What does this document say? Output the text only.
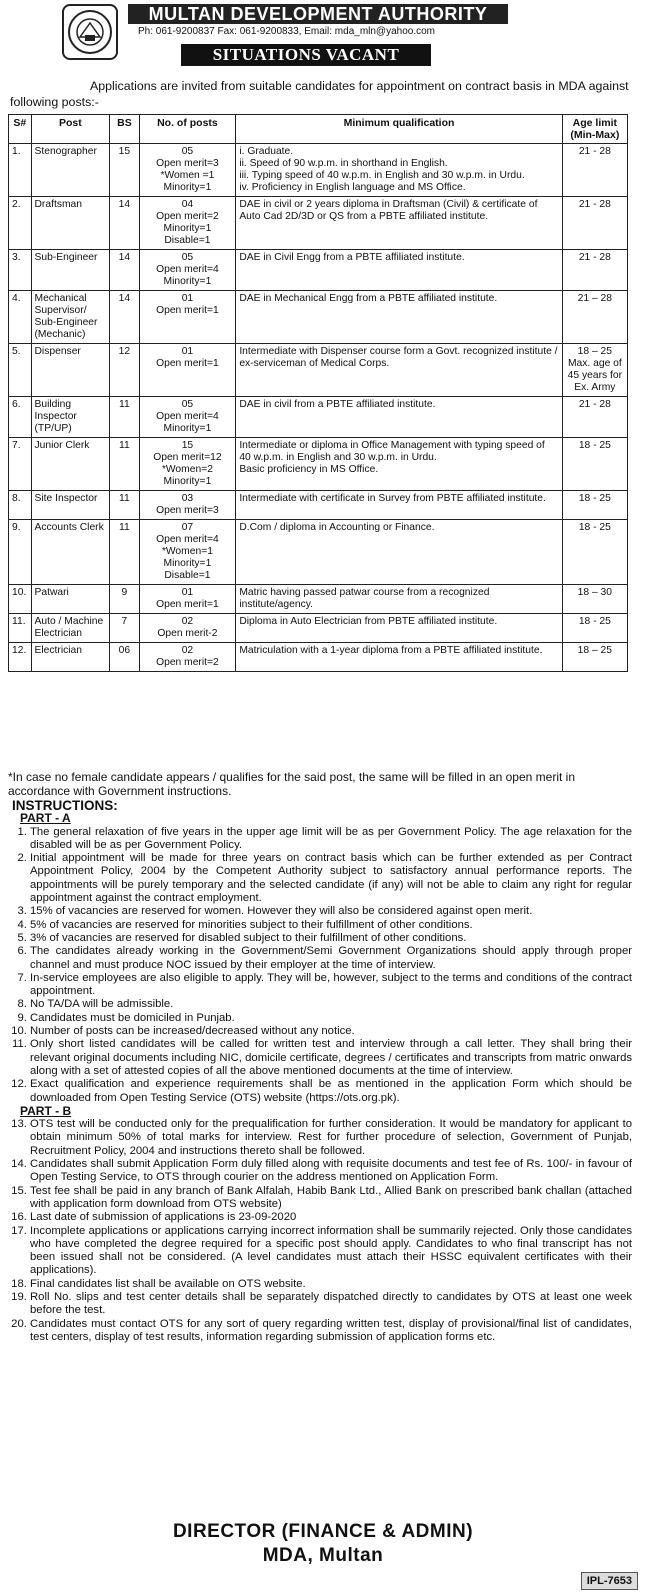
MULTAN DEVELOPMENT AUTHORITY
Ph: 061-9200837 Fax: 061-9200833, Email: mda_mln@yahoo.com
SITUATIONS VACANT
Applications are invited from suitable candidates for appointment on contract basis in MDA against following posts:-
S#	Post	BS	No. of posts	Minimum qualification	Age limit (Min-Max)
1.	Stenographer	15	05
Open merit=3
*Women =1
Minority=1	i. Graduate.
ii. Speed of 90 w.p.m. in shorthand in English.
iii. Typing speed of 40 w.p.m. in English and 30 w.p.m. in Urdu.
iv. Proficiency in English language and MS Office.	21 - 28
2.	Draftsman	14	04
Open merit=2
Minority=1
Disable=1	DAE in civil or 2 years diploma in Draftsman (Civil) & certificate of Auto Cad 2D/3D or QS from a PBTE affiliated institute.	21 - 28
3.	Sub-Engineer	14	05
Open merit=4
Minority=1	DAE in Civil Engg from a PBTE affiliated institute.	21 - 28
4.	Mechanical Supervisor/ Sub-Engineer (Mechanic)	14	01
Open merit=1	DAE in Mechanical Engg from a PBTE affiliated institute.	21 – 28
5.	Dispenser	12	01
Open merit=1	Intermediate with Dispenser course form a Govt. recognized institute / ex-serviceman of Medical Corps.	18 – 25 Max. age of 45 years for Ex. Army
6.	Building Inspector (TP/UP)	11	05
Open merit=4
Minority=1	DAE in civil from a PBTE affiliated institute.	21 - 28
7.	Junior Clerk	11	15
Open merit=12
*Women=2
Minority=1	Intermediate or diploma in Office Management with typing speed of 40 w.p.m. in English and 30 w.p.m. in Urdu.
Basic proficiency in MS Office.	18 - 25
8.	Site Inspector	11	03
Open merit=3	Intermediate with certificate in Survey from PBTE affiliated institute.	18 - 25
9.	Accounts Clerk	11	07
Open merit=4
*Women=1
Minority=1
Disable=1	D.Com / diploma in Accounting or Finance.	18 - 25
10.	Patwari	9	01
Open merit=1	Matric having passed patwar course from a recognized institute/agency.	18 – 30
11.	Auto / Machine Electrician	7	02
Open merit-2	Diploma in Auto Electrician from PBTE affiliated institute.	18 - 25
12.	Electrician	06	02
Open merit=2	Matriculation with a 1-year diploma from a PBTE affiliated institute.	18 – 25
*In case no female candidate appears / qualifies for the said post, the same will be filled in an open merit in accordance with Government instructions.
INSTRUCTIONS:
PART - A
1. The general relaxation of five years in the upper age limit will be as per Government Policy. The age relaxation for the disabled will be as per Government Policy.
2. Initial appointment will be made for three years on contract basis which can be further extended as per Contract Appointment Policy, 2004 by the Competent Authority subject to satisfactory annual performance reports. The appointments will be purely temporary and the selected candidate (if any) will not be able to claim any right for regular appointment against the contract employment.
3. 15% of vacancies are reserved for women. However they will also be considered against open merit.
4. 5% of vacancies are reserved for minorities subject to their fulfillment of other conditions.
5. 3% of vacancies are reserved for disabled subject to their fulfillment of other conditions.
6. The candidates already working in the Government/Semi Government Organizations should apply through proper channel and must produce NOC issued by their employer at the time of interview.
7. In-service employees are also eligible to apply. They will be, however, subject to the terms and conditions of the contract appointment.
8. No TA/DA will be admissible.
9. Candidates must be domiciled in Punjab.
10. Number of posts can be increased/decreased without any notice.
11. Only short listed candidates will be called for written test and interview through a call letter. They shall bring their relevant original documents including NIC, domicile certificate, degrees / certificates and transcripts from matric onwards along with a set of attested copies of all the above mentioned documents at the time of interview.
12. Exact qualification and experience requirements shall be as mentioned in the application Form which should be downloaded from Open Testing Service (OTS) website (https://ots.org.pk).
PART - B
13. OTS test will be conducted only for the prequalification for further consideration. It would be mandatory for applicant to obtain minimum 50% of total marks for interview. Rest for further procedure of selection, Government of Punjab, Recruitment Policy, 2004 and instructions thereto shall be followed.
14. Candidates shall submit Application Form duly filled along with requisite documents and test fee of Rs. 100/- in favour of Open Testing Service, to OTS through courier on the address mentioned on Application Form.
15. Test fee shall be paid in any branch of Bank Alfalah, Habib Bank Ltd., Allied Bank on prescribed bank challan (attached with application form download from OTS website)
16. Last date of submission of applications is 23-09-2020
17. Incomplete applications or applications carrying incorrect information shall be summarily rejected. Only those candidates who have completed the degree required for a specific post should apply. Candidates to who final transcript has not been issued shall not be considered. (A level candidates must attach their HSSC equivalent certificates with their applications).
18. Final candidates list shall be available on OTS website.
19. Roll No. slips and test center details shall be separately dispatched directly to candidates by OTS at least one week before the test.
20. Candidates must contact OTS for any sort of query regarding written test, display of provisional/final list of candidates, test centers, display of test results, information regarding submission of application forms etc.
DIRECTOR (FINANCE & ADMIN)
MDA, Multan
IPL-7653
